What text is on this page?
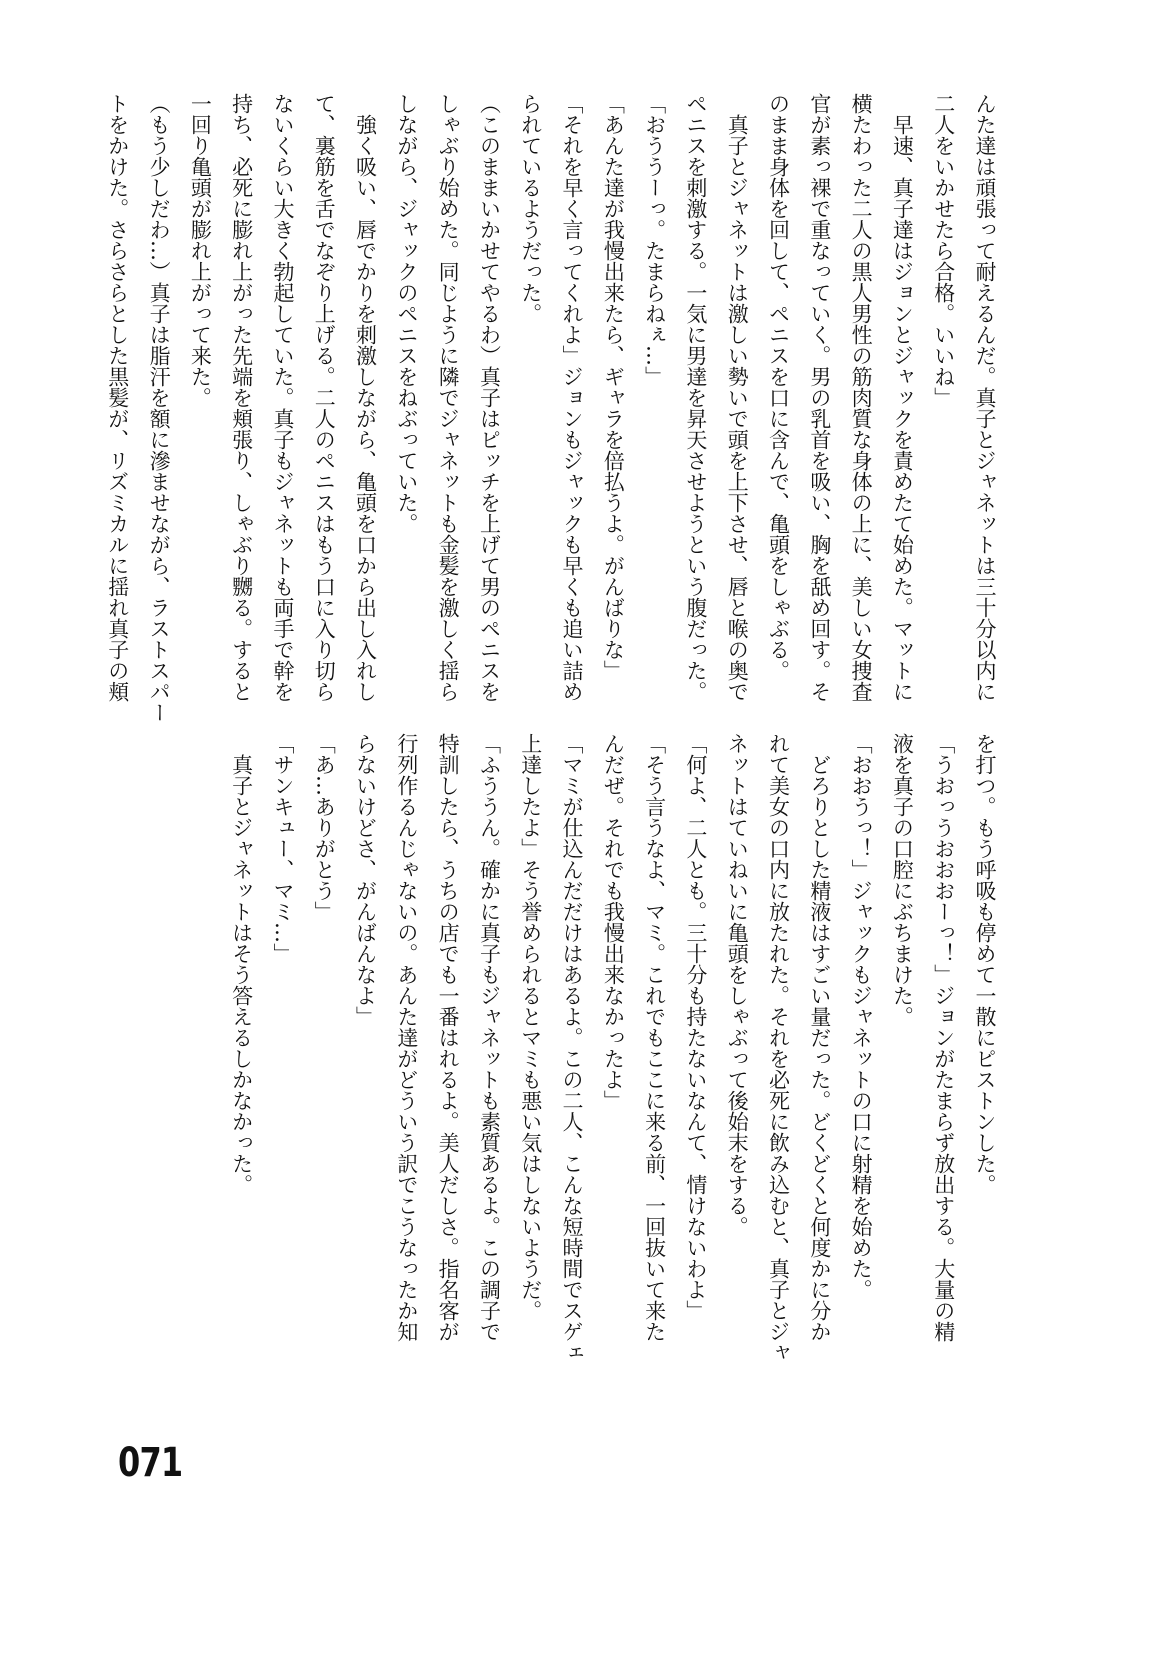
んた達は頑張って耐えるんだ。真子とジャネットは三十分以内に
二人をいかせたら合格。いいね」
　早速、真子達はジョンとジャックを責めたて始めた。マットに
横たわった二人の黒人男性の筋肉質な身体の上に、美しい女捜査
官が素っ裸で重なっていく。男の乳首を吸い、胸を舐め回す。そ
のまま身体を回して、ペニスを口に含んで、亀頭をしゃぶる。
　真子とジャネットは激しい勢いで頭を上下させ、唇と喉の奥で
ペニスを刺激する。一気に男達を昇天させようという腹だった。
「おううーっ。たまらねぇ…」
「あんた達が我慢出来たら、ギャラを倍払うよ。がんばりな」
「それを早く言ってくれよ」ジョンもジャックも早くも追い詰め
られているようだった。
（このままいかせてやるわ）真子はピッチを上げて男のペニスを
しゃぶり始めた。同じように隣でジャネットも金髪を激しく揺ら
しながら、ジャックのペニスをねぶっていた。
　強く吸い、唇でかりを刺激しながら、亀頭を口から出し入れし
て、裏筋を舌でなぞり上げる。二人のペニスはもう口に入り切ら
ないくらい大きく勃起していた。真子もジャネットも両手で幹を
持ち、必死に膨れ上がった先端を頬張り、しゃぶり嬲る。すると
一回り亀頭が膨れ上がって来た。
（もう少しだわ…）真子は脂汗を額に滲ませながら、ラストスパー
トをかけた。さらさらとした黒髪が、リズミカルに揺れ真子の頬
を打つ。もう呼吸も停めて一散にピストンした。
「うおっうおおおーっ！」ジョンがたまらず放出する。大量の精
液を真子の口腔にぶちまけた。
「おおうっ！」ジャックもジャネットの口に射精を始めた。
　どろりとした精液はすごい量だった。どくどくと何度かに分か
れて美女の口内に放たれた。それを必死に飲み込むと、真子とジャ
ネットはていねいに亀頭をしゃぶって後始末をする。
「何よ、二人とも。三十分も持たないなんて、情けないわよ」
「そう言うなよ、マミ。これでもここに来る前、一回抜いて来た
んだぜ。それでも我慢出来なかったよ」
「マミが仕込んだだけはあるよ。この二人、こんな短時間でスゲェ
上達したよ」そう誉められるとマミも悪い気はしないようだ。
「ふううん。確かに真子もジャネットも素質あるよ。この調子で
特訓したら、うちの店でも一番はれるよ。美人だしさ。指名客が
行列作るんじゃないの。あんた達がどういう訳でこうなったか知
らないけどさ、がんばんなよ」
「あ…ありがとう」
「サンキュー、マミ…」
　真子とジャネットはそう答えるしかなかった。
071
